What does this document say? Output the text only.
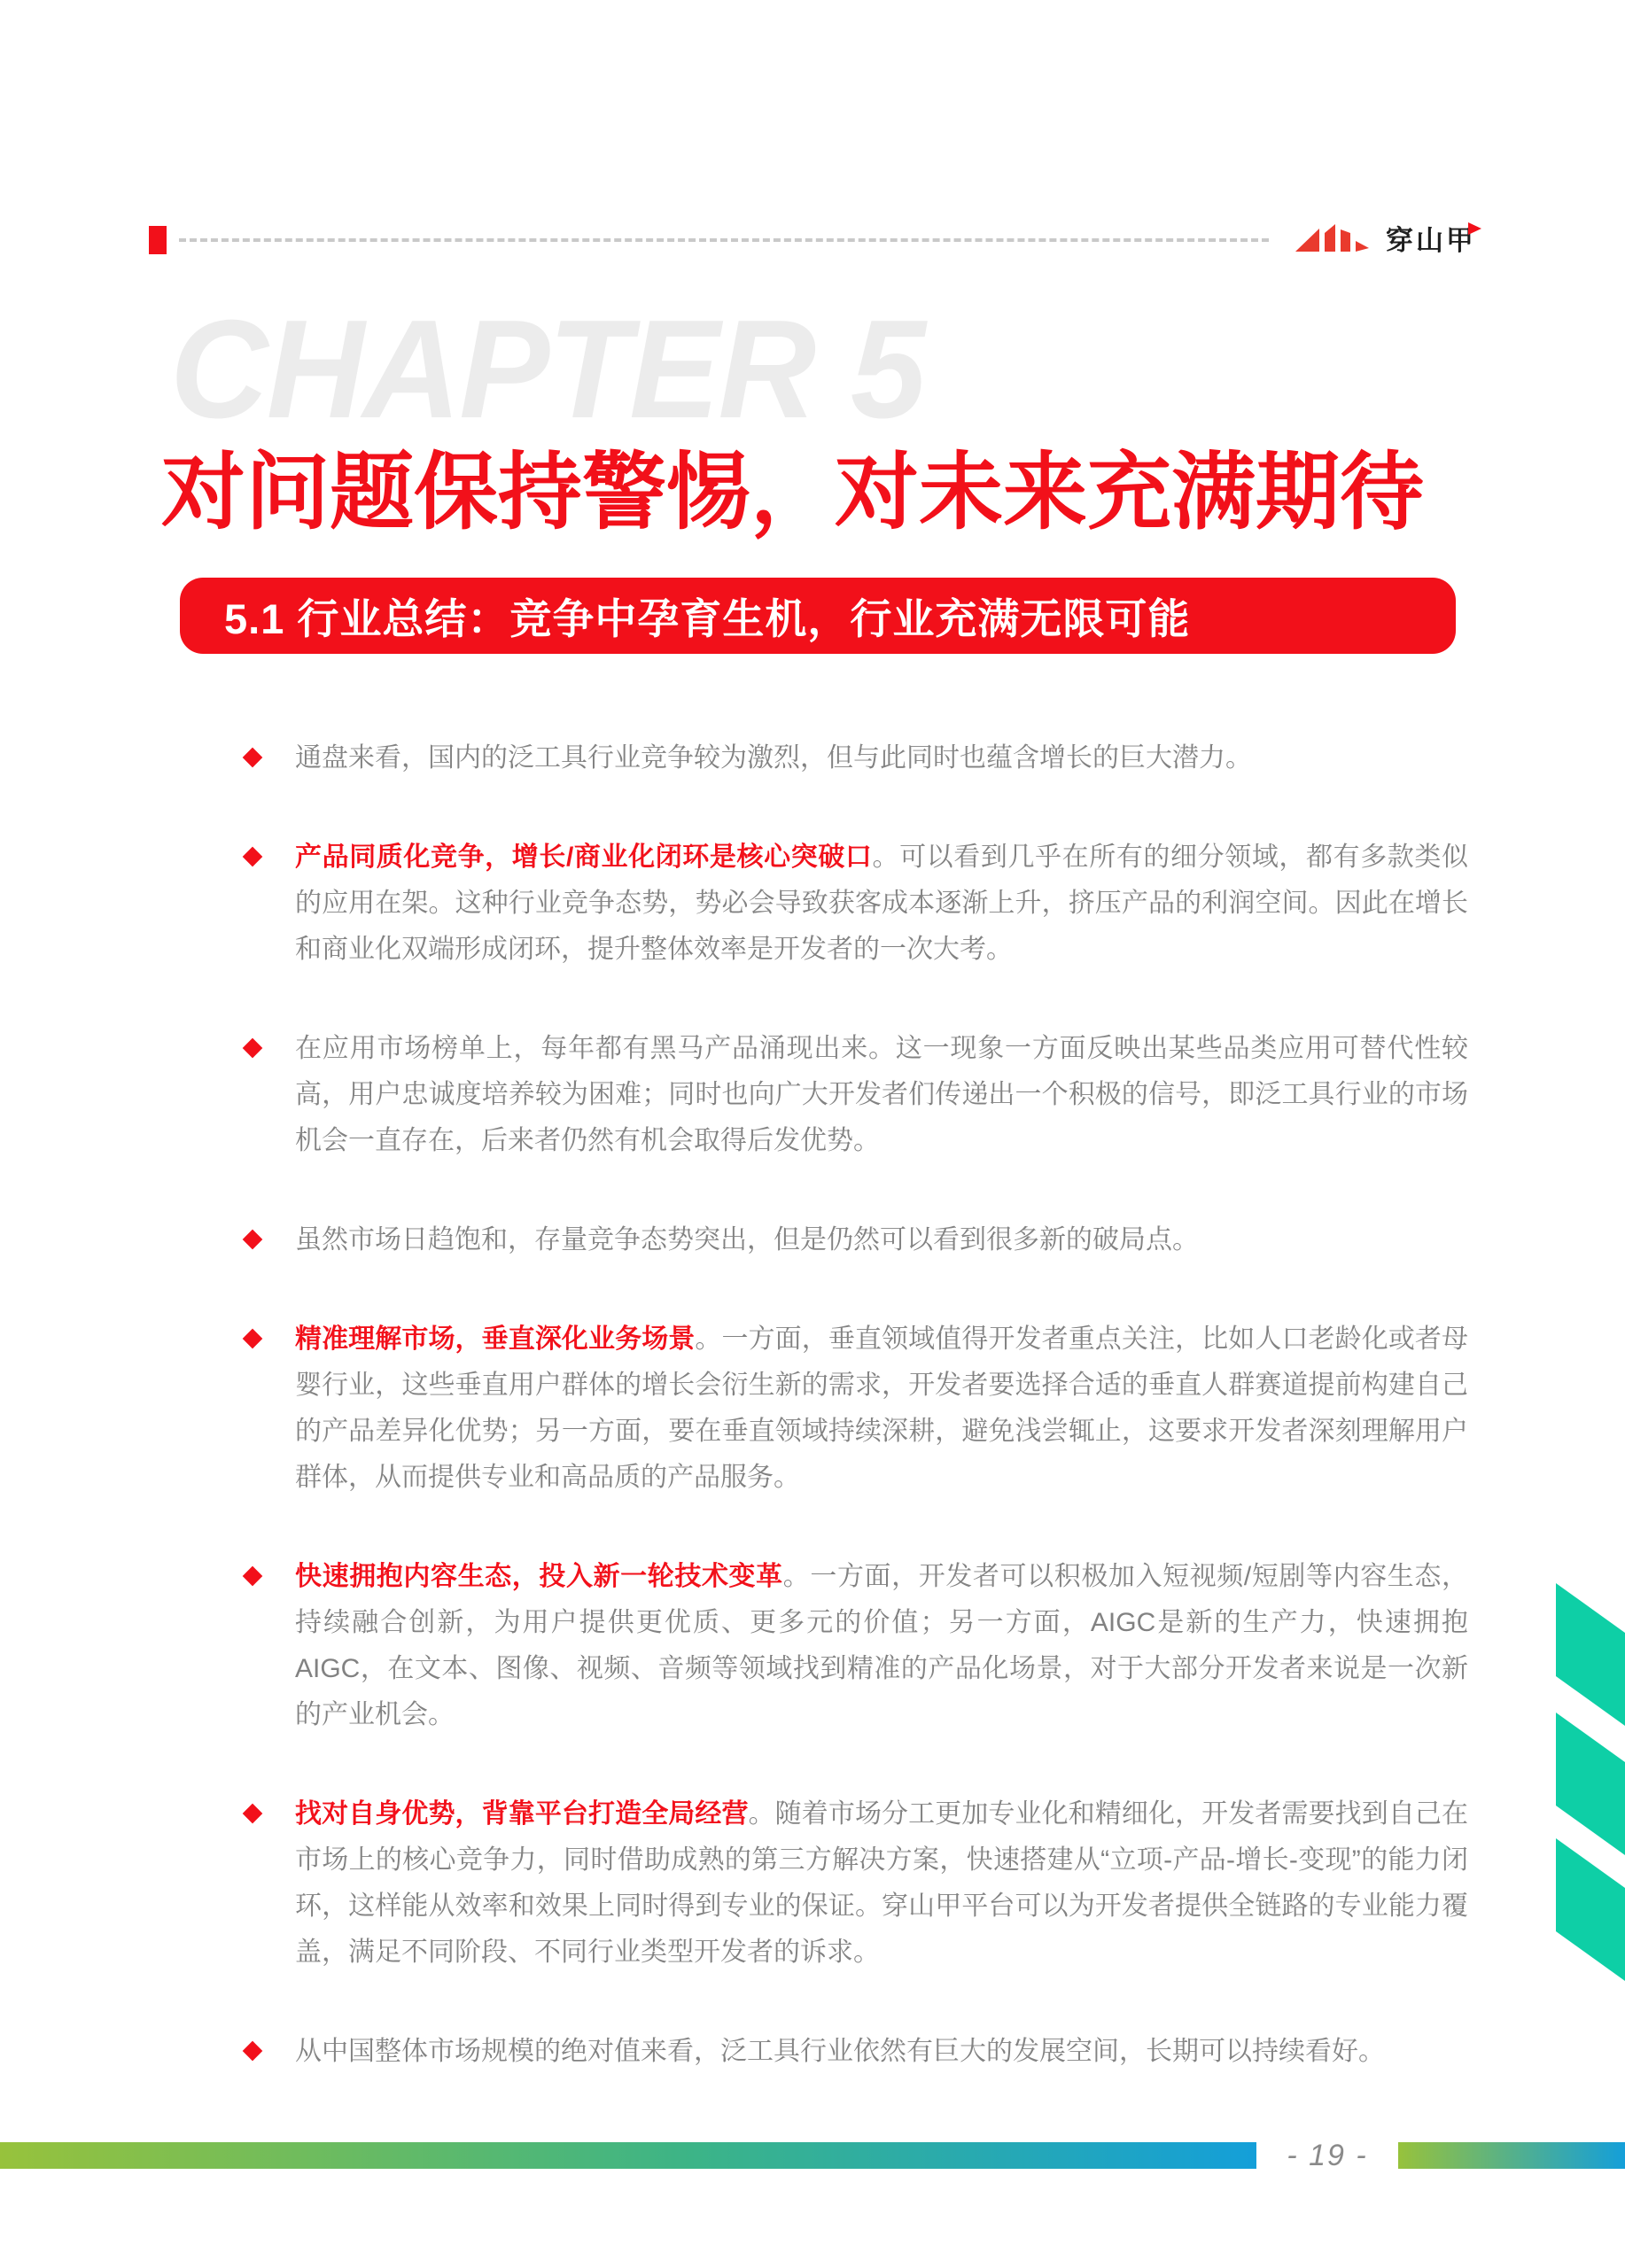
穿山甲
CHAPTER 5
对问题保持警惕，对未来充满期待
5.1 行业总结：竞争中孕育生机，行业充满无限可能
通盘来看，国内的泛工具行业竞争较为激烈，但与此同时也蕴含增长的巨大潜力。
产品同质化竞争，增长/商业化闭环是核心突破口。可以看到几乎在所有的细分领域，都有多款类似的应用在架。这种行业竞争态势，势必会导致获客成本逐渐上升，挤压产品的利润空间。因此在增长和商业化双端形成闭环，提升整体效率是开发者的一次大考。
在应用市场榜单上，每年都有黑马产品涌现出来。这一现象一方面反映出某些品类应用可替代性较高，用户忠诚度培养较为困难；同时也向广大开发者们传递出一个积极的信号，即泛工具行业的市场机会一直存在，后来者仍然有机会取得后发优势。
虽然市场日趋饱和，存量竞争态势突出，但是仍然可以看到很多新的破局点。
精准理解市场，垂直深化业务场景。一方面，垂直领域值得开发者重点关注，比如人口老龄化或者母婴行业，这些垂直用户群体的增长会衍生新的需求，开发者要选择合适的垂直人群赛道提前构建自己的产品差异化优势；另一方面，要在垂直领域持续深耕，避免浅尝辄止，这要求开发者深刻理解用户群体，从而提供专业和高品质的产品服务。
快速拥抱内容生态，投入新一轮技术变革。一方面，开发者可以积极加入短视频/短剧等内容生态，持续融合创新，为用户提供更优质、更多元的价值；另一方面，AIGC是新的生产力，快速拥抱AIGC，在文本、图像、视频、音频等领域找到精准的产品化场景，对于大部分开发者来说是一次新的产业机会。
找对自身优势，背靠平台打造全局经营。随着市场分工更加专业化和精细化，开发者需要找到自己在市场上的核心竞争力，同时借助成熟的第三方解决方案，快速搭建从“立项-产品-增长-变现”的能力闭环，这样能从效率和效果上同时得到专业的保证。穿山甲平台可以为开发者提供全链路的专业能力覆盖，满足不同阶段、不同行业类型开发者的诉求。
从中国整体市场规模的绝对值来看，泛工具行业依然有巨大的发展空间，长期可以持续看好。
- 19 -
